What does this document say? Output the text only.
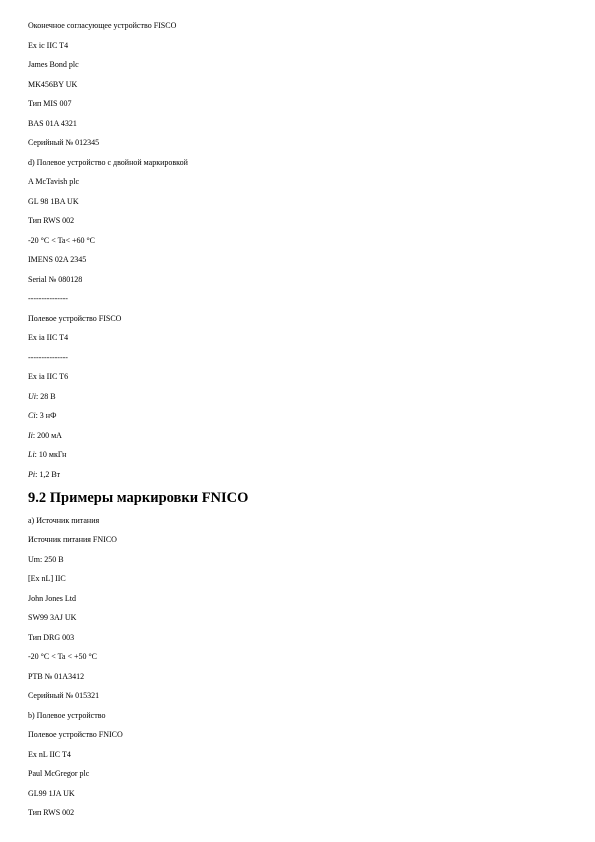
Оконечное согласующее устройство FISCO
Ex ic IIC T4
James Bond plc
MK456BY UK
Тип MIS 007
BAS 01A 4321
Серийный № 012345
d) Полевое устройство с двойной маркировкой
A McTavish plc
GL 98 1BA UK
Тип RWS 002
-20 °C < Ta< +60 °C
IMENS 02A 2345
Serial № 080128
---------------
Полевое устройство FISCO
Ex ia IIC T4
---------------
Ex ia IIC T6
Ui: 28 В
Ci: 3 нФ
Ii: 200 мА
Li: 10 мкГн
Pi: 1,2 Вт
9.2 Примеры маркировки FNICO
a) Источник питания
Источник питания FNICO
Um: 250 В
[Ex nL] IIC
John Jones Ltd
SW99 3AJ UK
Тип DRG 003
-20 °C < Ta < +50 °C
PTB № 01A3412
Серийный № 015321
b) Полевое устройство
Полевое устройство FNICO
Ex nL IIC T4
Paul McGregor plc
GL99 1JA UK
Тип RWS 002
